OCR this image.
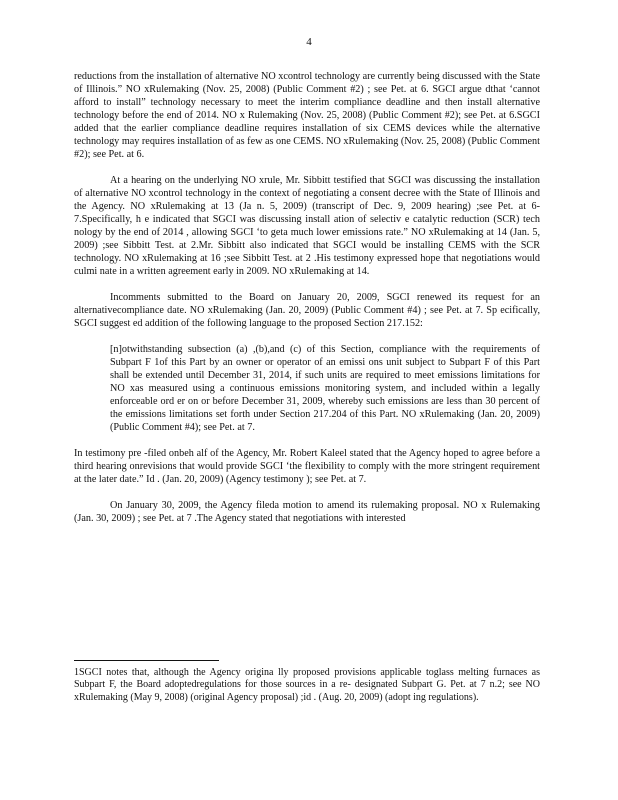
4

reductions from the installation of alternative NO xcontrol technology are currently being discussed with the State of Illinois.” NO xRulemaking (Nov. 25, 2008) (Public Comment #2) ; see Pet. at 6. SGCI argue dthat ‘cannot afford to install” technology necessary to meet the interim compliance deadline and then install alternative technology before the end of 2014. NO x Rulemaking (Nov. 25, 2008) (Public Comment #2); see Pet. at 6.SGCI added that the earlier compliance deadline requires installation of six CEMS devices while the alternative technology may requires installation of as few as one CEMS. NO xRulemaking (Nov. 25, 2008) (Public Comment #2); see Pet. at 6.

At a hearing on the underlying NO xrule, Mr. Sibbitt testified that SGCI was discussing the installation of alternative NO xcontrol technology in the context of negotiating a consent decree with the State of Illinois and the Agency. NO xRulemaking at 13 (Ja n. 5, 2009) (transcript of Dec. 9, 2009 hearing) ;see Pet. at 6- 7.Specifically, h e indicated that SGCI was discussing install ation of selectiv e catalytic reduction (SCR) tech nology by the end of 2014 , allowing SGCI ‘to geta much lower emissions rate.” NO xRulemaking at 14 (Jan. 5, 2009) ;see Sibbitt Test. at 2.Mr. Sibbitt also indicated that SGCI would be installing CEMS with the SCR technology. NO xRulemaking at 16 ;see Sibbitt Test. at 2 .His testimony expressed hope that negotiations would culmi nate in a written agreement early in 2009. NO xRulemaking at 14.

Incomments submitted to the Board on January 20, 2009, SGCI renewed its request for an alternativecompliance date. NO xRulemaking (Jan. 20, 2009) (Public Comment #4) ; see Pet. at 7. Sp ecifically, SGCI suggest ed addition of the following language to the proposed Section 217.152:

[n]otwithstanding subsection (a) ,(b),and (c) of this Section, compliance with the requirements of Subpart F 1of this Part by an owner or operator of an emissi ons unit subject to Subpart F of this Part shall be extended until December 31, 2014, if such units are required to meet emissions limitations for NO xas measured using a continuous emissions monitoring system, and included within a legally enforceable ord er on or before December 31, 2009, whereby such emissions are less than 30 percent of the emissions limitations set forth under Section 217.204 of this Part. NO xRulemaking (Jan. 20, 2009) (Public Comment #4); see Pet. at 7.

In testimony pre -filed onbeh alf of the Agency, Mr. Robert Kaleel stated that the Agency hoped to agree before a third hearing onrevisions that would provide SGCI ‘the flexibility to comply with the more stringent requirement at the later date.” Id . (Jan. 20, 2009) (Agency testimony ); see Pet. at 7.

On January 30, 2009, the Agency fileda motion to amend its rulemaking proposal. NO x Rulemaking (Jan. 30, 2009) ; see Pet. at 7 .The Agency stated that negotiations with interested

1SGCI notes that, although the Agency origina lly proposed provisions applicable toglass melting furnaces as Subpart F, the Board adoptedregulations for those sources in a re- designated Subpart G. Pet. at 7 n.2; see NO xRulemaking (May 9, 2008) (original Agency proposal) ;id . (Aug. 20, 2009) (adopt ing regulations).
